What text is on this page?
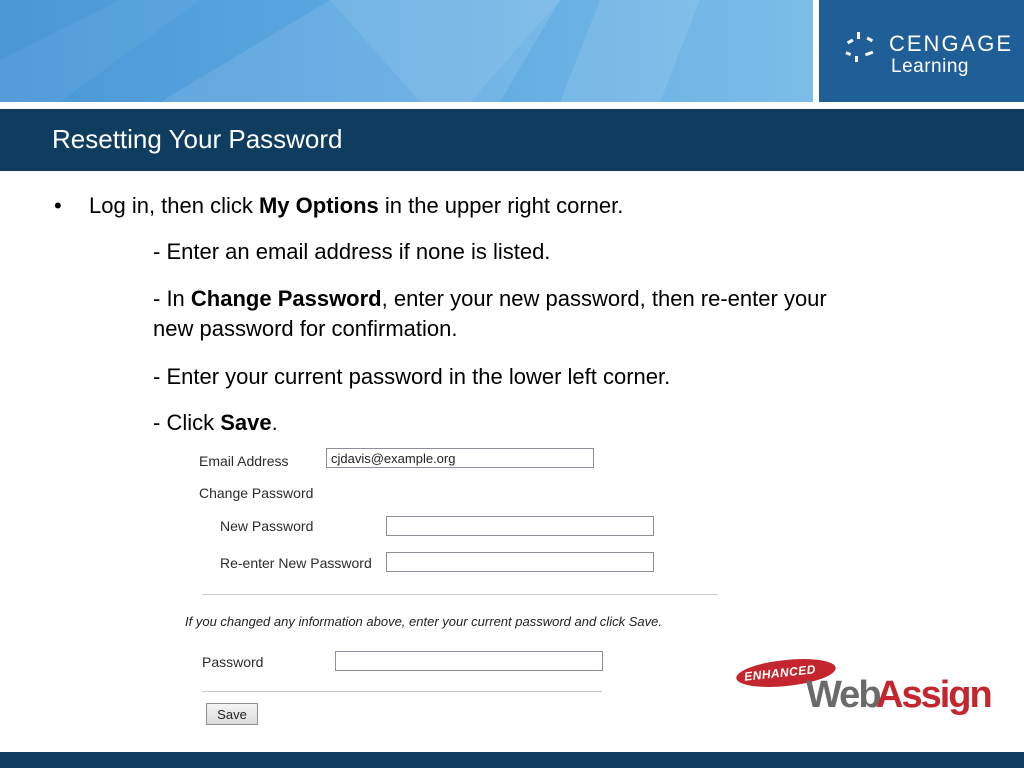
CENGAGE
Learning
Resetting Your Password
• Log in, then click My Options in the upper right corner.
- Enter an email address if none is listed.
- In Change Password, enter your new password, then re-enter your
new password for confirmation.
- Enter your current password in the lower left corner.
- Click Save.
Email Address
cjdavis@example.org
Change Password
New Password
Re-enter New Password
If you changed any information above, enter your current password and click Save.
Password
Save
ENHANCED
Web
Assign
